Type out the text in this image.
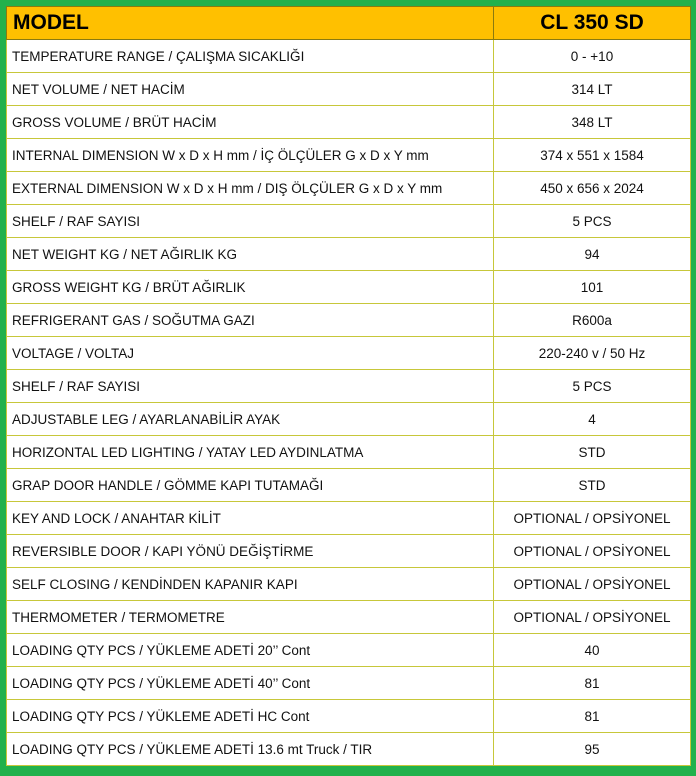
MODEL	CL 350 SD
TEMPERATURE RANGE / ÇALIŞMA SICAKLIĞI	0 - +10
NET VOLUME / NET HACİM	314 LT
GROSS VOLUME / BRÜT HACİM	348 LT
INTERNAL DIMENSION W x D x H mm / İÇ ÖLÇÜLER G x D x Y mm	374 x 551 x 1584
EXTERNAL DIMENSION W x D x H mm / DIŞ ÖLÇÜLER G x D x Y mm	450 x 656 x 2024
SHELF / RAF SAYISI	5 PCS
NET WEIGHT KG / NET AĞIRLIK KG	94
GROSS WEIGHT KG / BRÜT AĞIRLIK	101
REFRIGERANT GAS / SOĞUTMA GAZI	R600a
VOLTAGE / VOLTAJ	220-240 v / 50 Hz
SHELF / RAF SAYISI	5 PCS
ADJUSTABLE LEG / AYARLANABİLİR AYAK	4
HORIZONTAL LED LIGHTING / YATAY LED AYDINLATMA	STD
GRAP DOOR HANDLE / GÖMME KAPI TUTAMAĞI	STD
KEY AND LOCK / ANAHTAR KİLİT	OPTIONAL / OPSİYONEL
REVERSIBLE DOOR / KAPI YÖNÜ DEĞİŞTİRME	OPTIONAL / OPSİYONEL
SELF CLOSING / KENDİNDEN KAPANIR KAPI	OPTIONAL / OPSİYONEL
THERMOMETER / TERMOMETRE	OPTIONAL / OPSİYONEL
LOADING QTY PCS / YÜKLEME ADETİ 20’’ Cont	40
LOADING QTY PCS / YÜKLEME ADETİ 40’’ Cont	81
LOADING QTY PCS / YÜKLEME ADETİ HC Cont	81
LOADING QTY PCS / YÜKLEME ADETİ 13.6 mt Truck / TIR	95
